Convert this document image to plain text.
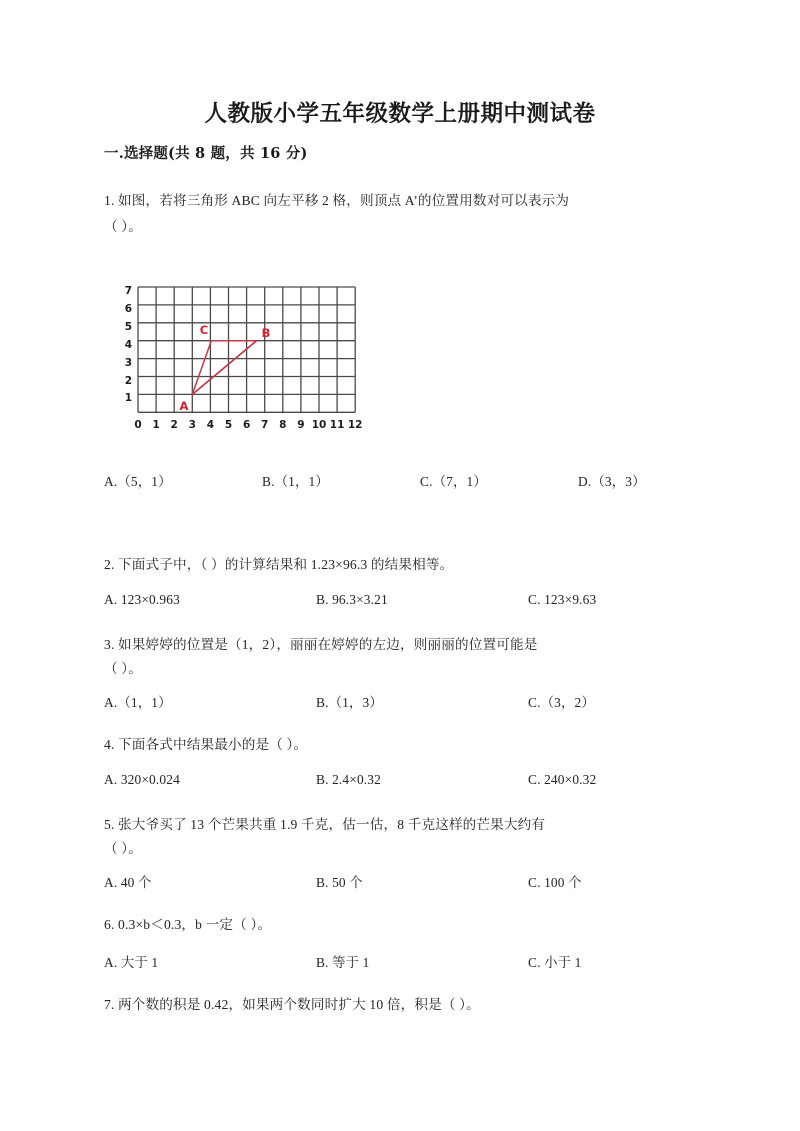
人教版小学五年级数学上册期中测试卷
一.选择题(共 8 题，共 16 分)
1. 如图，若将三角形 ABC 向左平移 2 格，则顶点 A’的位置用数对可以表示为
（ ）。
7
6
5
4
3
2
1
C	B
A
0 1 2 3 4 5 6 7 8 9 10 11 12
A.（5，1）	B.（1，1）	C.（7，1）	D.（3，3）
2. 下面式子中，（ ）的计算结果和 1.23×96.3 的结果相等。
A. 123×0.963	B. 96.3×3.21	C. 123×9.63
3. 如果婷婷的位置是（1，2），丽丽在婷婷的左边，则丽丽的位置可能是
（ ）。
A.（1，1）	B.（1，3）	C.（3，2）
4. 下面各式中结果最小的是（ ）。
A. 320×0.024	B. 2.4×0.32	C. 240×0.32
5. 张大爷买了 13 个芒果共重 1.9 千克，估一估，8 千克这样的芒果大约有
（ ）。
A. 40 个	B. 50 个	C. 100 个
6. 0.3×b＜0.3，b 一定（ ）。
A. 大于 1	B. 等于 1	C. 小于 1
7. 两个数的积是 0.42，如果两个数同时扩大 10 倍，积是（ ）。
